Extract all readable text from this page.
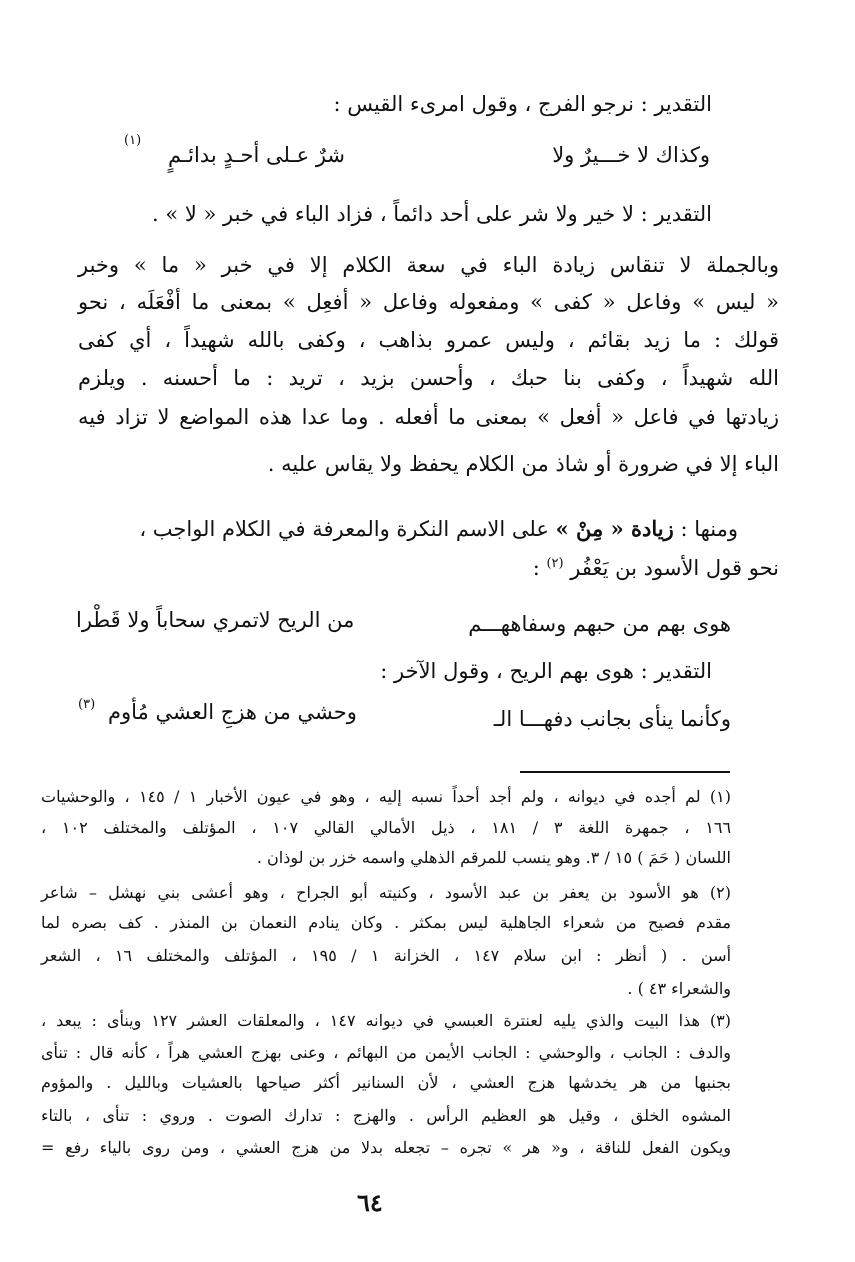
التقدير : نرجو الفرج ، وقول امرىء القيس :
وكذاك لا خـــيرٌ ولا
شرٌ عـلى أحـدٍ بدائـمٍ
(١)
التقدير : لا خير ولا شر على أحد دائماً ، فزاد الباء في خبر « لا » .
وبالجملة لا تنقاس زيادة الباء في سعة الكلام إلا في خبر « ما » وخبر
« ليس » وفاعل « كفى » ومفعوله وفاعل « أفعِل » بمعنى ما أفْعَلَه ، نحو
قولك : ما زيد بقائم ، وليس عمرو بذاهب ، وكفى بالله شهيداً ، أي كفى
الله شهيداً ، وكفى بنا حبك ، وأحسن بزيد ، تريد : ما أحسنه . ويلزم
زيادتها في فاعل « أفعل » بمعنى ما أفعله . وما عدا هذه المواضع لا تزاد فيه
الباء إلا في ضرورة أو شاذ من الكلام يحفظ ولا يقاس عليه .
ومنها : زيادة « مِنْ » على الاسم النكرة والمعرفة في الكلام الواجب ،
نحو قول الأسود بن يَعْفُر $^{(٢)}$ :
هوى بهم من حبهم وسفاههـــم
من الريح لاتمري سحاباً ولا قَطْرا
التقدير : هوى بهم الريح ، وقول الآخر :
وكأنما ينأى بجانب دفهـــا الـ
وحشي من هزجِ العشي مُأوم
(٣)
(١) لم أجده في ديوانه ، ولم أجد أحداً نسبه إليه ، وهو في عيون الأخبار ١ / ١٤٥ ، والوحشيات
١٦٦ ، جمهرة اللغة ٣ / ١٨١ ، ذيل الأمالي القالي ١٠٧ ، المؤتلف والمختلف ١٠٢ ،
اللسان ( حَمَ ) ١٥ / ٣. وهو ينسب للمرقم الذهلي واسمه خزر بن لوذان .
(٢) هو الأسود بن يعفر بن عبد الأسود ، وكنيته أبو الجراح ، وهو أعشى بني نهشل – شاعر
مقدم فصيح من شعراء الجاهلية ليس بمكثر . وكان ينادم النعمان بن المنذر . كف بصره لما
أسن . ( أنظر : ابن سلام ١٤٧ ، الخزانة ١ / ١٩٥ ، المؤتلف والمختلف ١٦ ، الشعر
والشعراء ٤٣ ) .
(٣) هذا البيت والذي يليه لعنترة العبسي في ديوانه ١٤٧ ، والمعلقات العشر ١٢٧ وينأى : يبعد ،
والدف : الجانب ، والوحشي : الجانب الأيمن من البهائم ، وعنى بهزج العشي هراً ، كأنه قال : تنأى
بجنبها من هر يخدشها هزج العشي ، لأن السنانير أكثر صياحها بالعشيات وبالليل . والمؤوم
المشوه الخلق ، وقيل هو العظيم الرأس . والهزج : تدارك الصوت . وروي : تنأى ، بالتاء
ويكون الفعل للناقة ، و« هر » تجره – تجعله بدلا من هزج العشي ، ومن روى بالياء رفع =
٦٤
